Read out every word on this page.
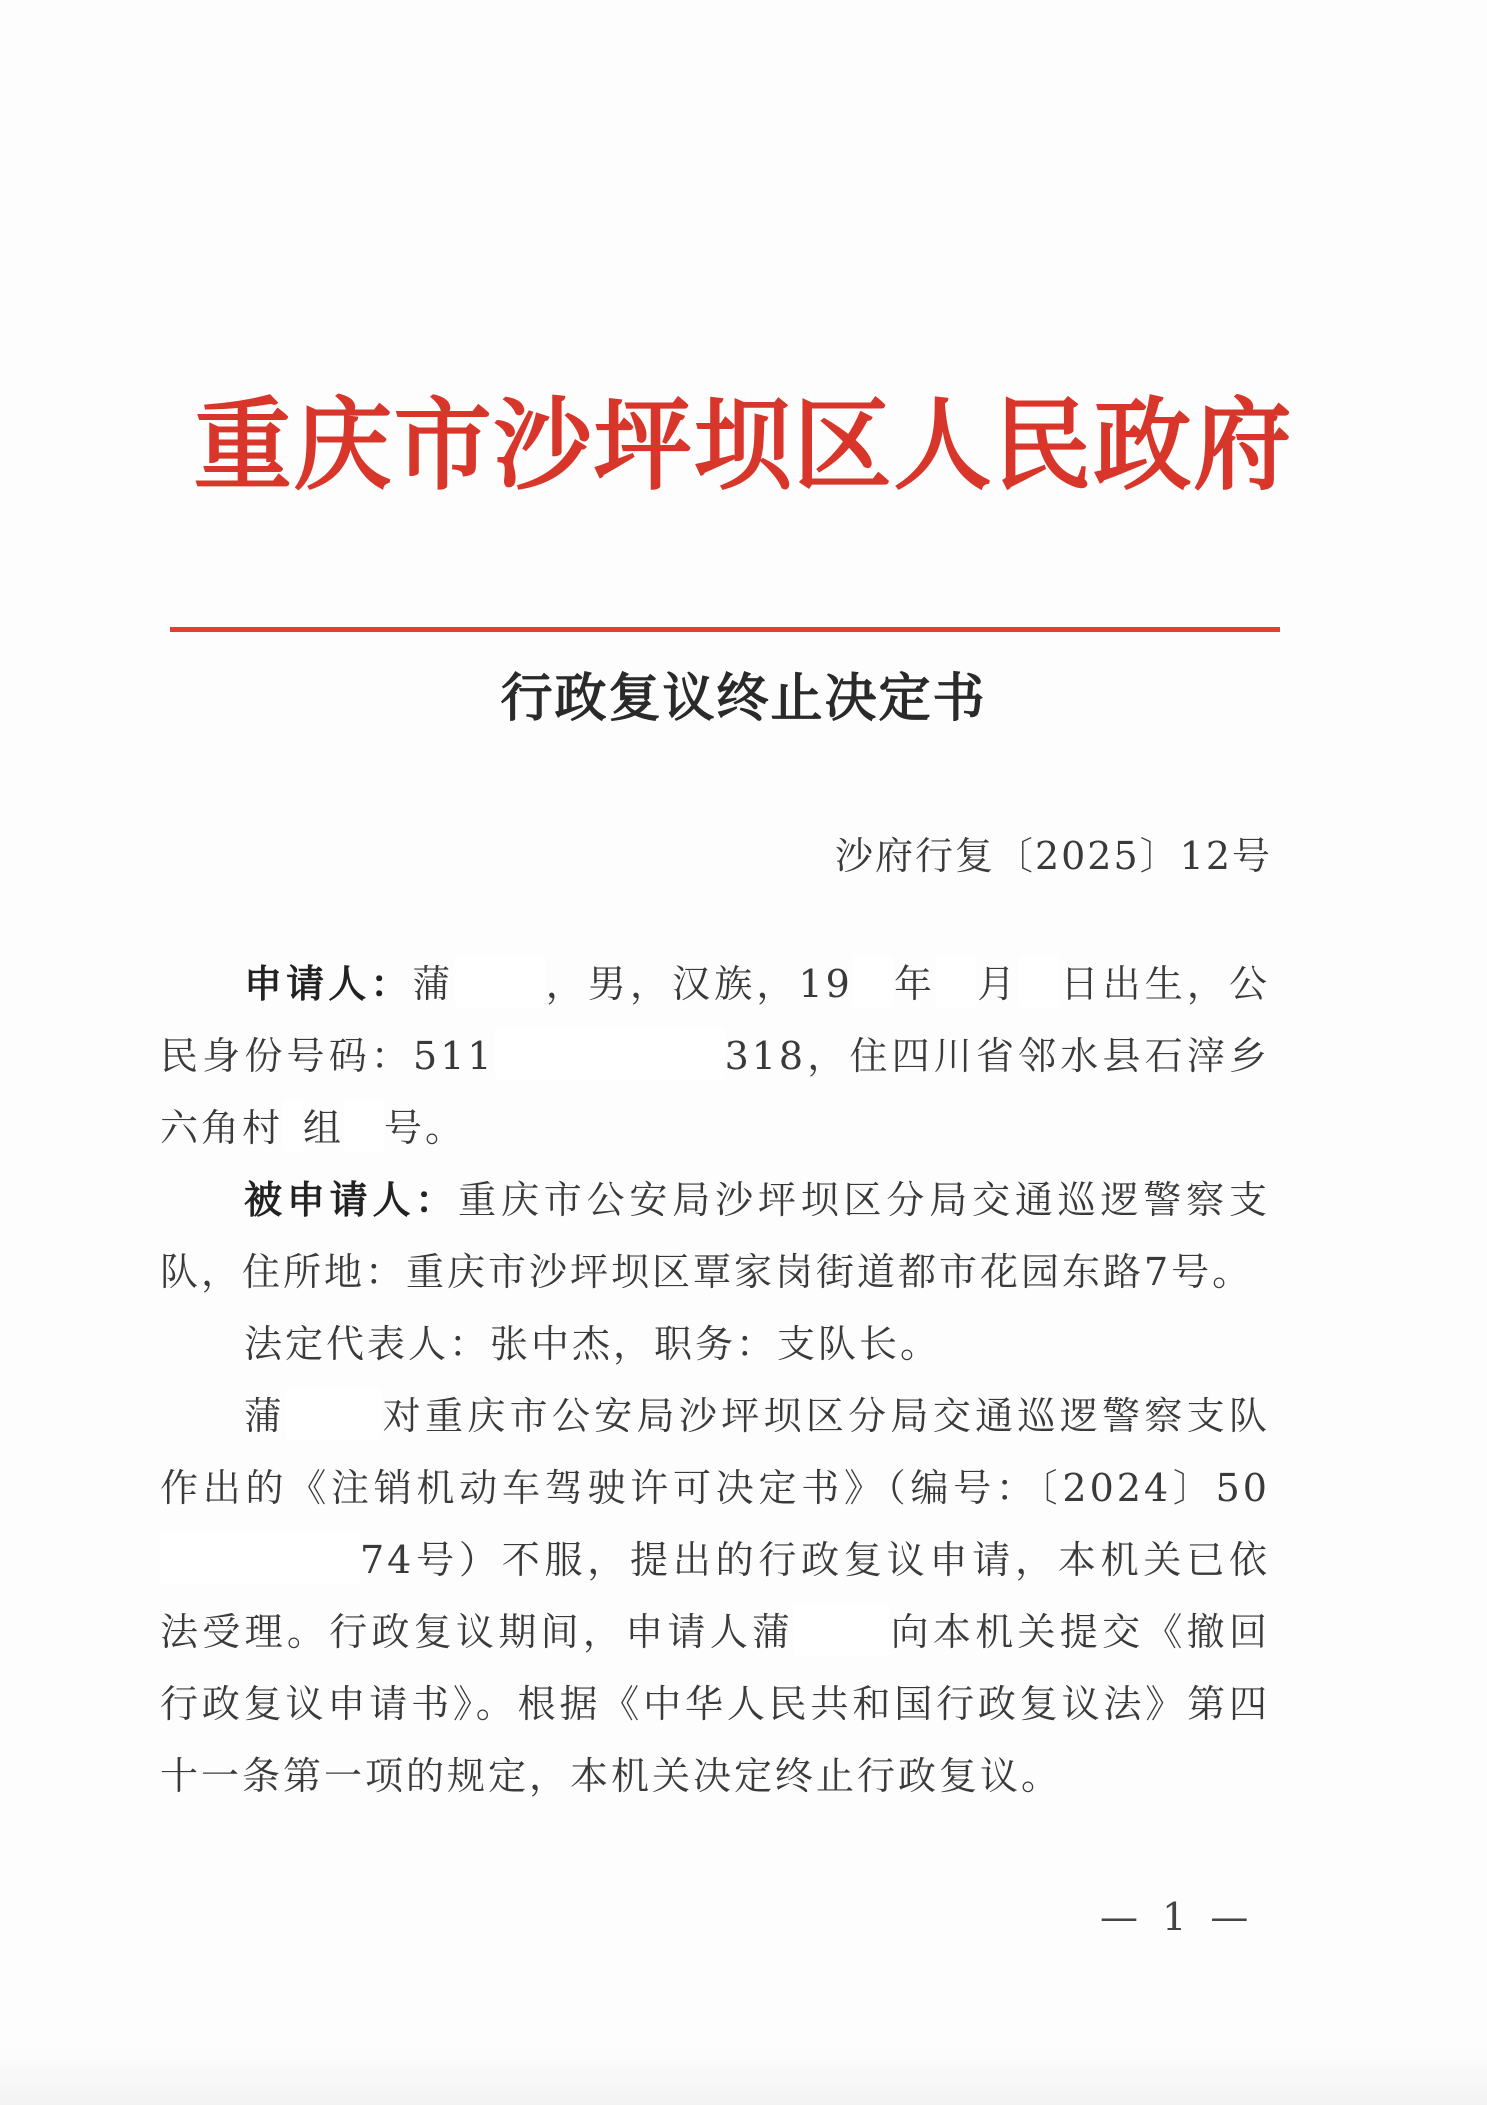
重庆市沙坪坝区人民政府
行政复议终止决定书
沙府行复〔2025〕12号

申请人：蒲 ，男，汉族，19 年 月 日出生，公民身份号码：511	318，住四川省邻水县石滓乡六角村 组 号。

被申请人：重庆市公安局沙坪坝区分局交通巡逻警察支队，住所地：重庆市沙坪坝区覃家岗街道都市花园东路7号。

法定代表人：张中杰，职务：支队长。

蒲	对重庆市公安局沙坪坝区分局交通巡逻警察支队作出的《注销机动车驾驶许可决定书》（编号：〔2024〕5074号）不服，提出的行政复议申请，本机关已依法受理。行政复议期间，申请人蒲	向本机关提交《撤回行政复议申请书》。根据《中华人民共和国行政复议法》第四十一条第一项的规定，本机关决定终止行政复议。

— 1 —
